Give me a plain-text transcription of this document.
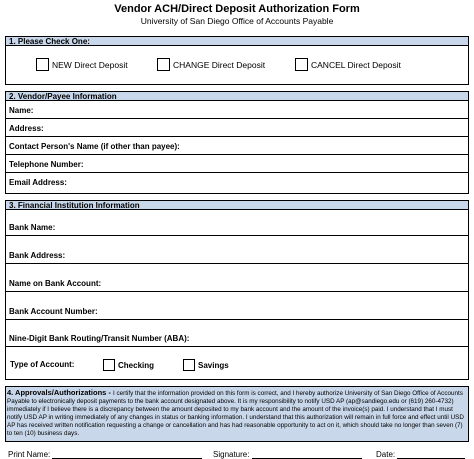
Vendor ACH/Direct Deposit Authorization Form
University of San Diego Office of Accounts Payable
1. Please Check One:
NEW Direct Deposit	CHANGE Direct Deposit	CANCEL Direct Deposit
2. Vendor/Payee Information
Name:
Address:
Contact Person's Name (if other than payee):
Telephone Number:
Email Address:
3. Financial Institution Information
Bank Name:
Bank Address:
Name on Bank Account:
Bank Account Number:
Nine-Digit Bank Routing/Transit Number (ABA):
Type of Account:	Checking	Savings
4. Approvals/Authorizations - I certify that the information provided on this form is correct, and I hereby authorize University of San Diego Office of Accounts Payable to electronically deposit payments to the bank account designated above. It is my responsibility to notify USD AP (ap@sandiego.edu or (619) 260-4732) immediately if I believe there is a discrepancy between the amount deposited to my bank account and the amount of the invoice(s) paid. I understand that I must notify USD AP in writing immediately of any changes in status or banking information. I understand that this authorization will remain in full force and effect until USD AP has received written notification requesting a change or cancellation and has had reasonable opportunity to act on it, which should take no longer than seven (7) to ten (10) business days.
Print Name:	Signature:	Date:
